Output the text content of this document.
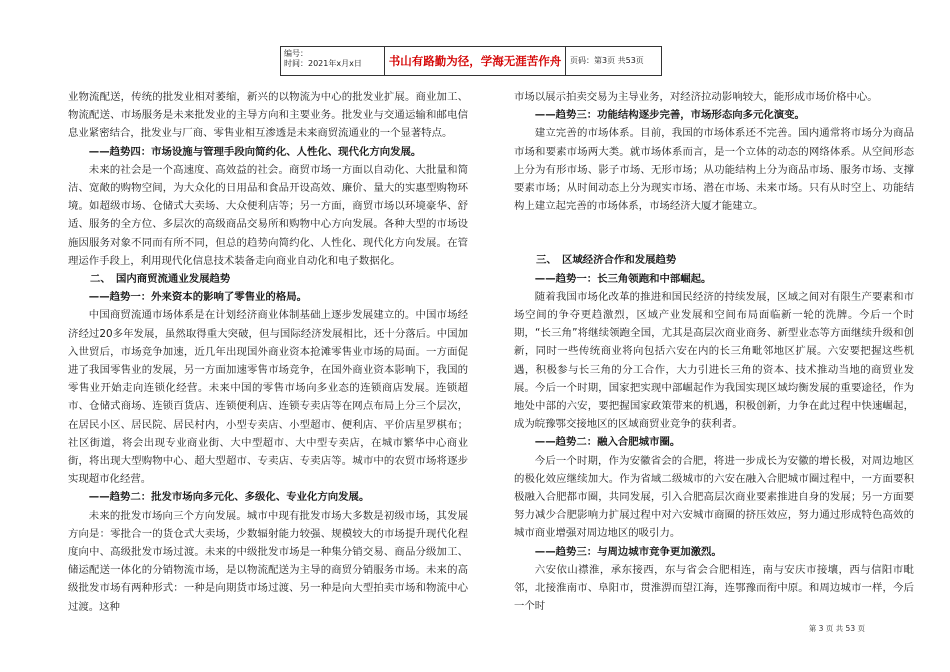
编号：
时间：2021年x月x日	书山有路勤为径，学海无涯苦作舟	页码：第3页 共53页

业物流配送，传统的批发业相对萎缩，新兴的以物流为中心的批发业扩展。商业加工、物流配送、市场服务是未来批发业的主导方向和主要业务。批发业与交通运输和邮电信息业紧密结合，批发业与厂商、零售业相互渗透是未来商贸流通业的一个显著特点。

——趋势四：市场设施与管理手段向简约化、人性化、现代化方向发展。

未来的社会是一个高速度、高效益的社会。商贸市场一方面以自动化、大批量和简洁、宽敞的购物空间，为大众化的日用品和食品开设高效、廉价、量大的实惠型购物环境。如超级市场、仓储式大卖场、大众便利店等；另一方面，商贸市场以环境豪华、舒适、服务的全方位、多层次的高级商品交易所和购物中心方向发展。各种大型的市场设施因服务对象不同而有所不同，但总的趋势向简约化、人性化、现代化方向发展。在管理运作手段上，利用现代化信息技术装备走向商业自动化和电子数据化。

二、　国内商贸流通业发展趋势

——趋势一：外来资本的影响了零售业的格局。

中国商贸流通市场体系是在计划经济商业体制基础上逐步发展建立的。中国市场经济经过20多年发展，虽然取得重大突破，但与国际经济发展相比，还十分落后。中国加入世贸后，市场竞争加速，近几年出现国外商业资本抢滩零售业市场的局面。一方面促进了我国零售业的发展，另一方面加速零售市场竞争，在国外商业资本影响下，我国的零售业开始走向连锁化经营。未来中国的零售市场向多业态的连锁商店发展。连锁超市、仓储式商场、连锁百货店、连锁便利店、连锁专卖店等在网点布局上分三个层次，在居民小区、居民院、居民村内，小型专卖店、小型超市、便利店、平价店星罗棋布；社区街道，将会出现专业商业街、大中型超市、大中型专卖店，在城市繁华中心商业街，将出现大型购物中心、超大型超市、专卖店、专卖店等。城市中的农贸市场将逐步实现超市化经营。

——趋势二：批发市场向多元化、多级化、专业化方向发展。

未来的批发市场向三个方向发展。城市中现有批发市场大多数是初级市场，其发展方向是：零批合一的货仓式大卖场，少数辐射能力较强、规模较大的市场提升现代化程度向中、高级批发市场过渡。未来的中级批发市场是一种集分销交易、商品分级加工、储运配送一体化的分销物流市场，是以物流配送为主导的商贸分销服务市场。未来的高级批发市场有两种形式：一种是向期货市场过渡、另一种是向大型拍卖市场和物流中心过渡。这种

市场以展示拍卖交易为主导业务，对经济拉动影响较大，能形成市场价格中心。

——趋势三：功能结构逐步完善，市场形态向多元化演变。

建立完善的市场体系。目前，我国的市场体系还不完善。国内通常将市场分为商品市场和要素市场两大类。就市场体系而言，是一个立体的动态的网络体系。从空间形态上分为有形市场、影子市场、无形市场；从功能结构上分为商品市场、服务市场、支撑要素市场；从时间动态上分为现实市场、潜在市场、未来市场。只有从时空上、功能结构上建立起完善的市场体系，市场经济大厦才能建立。

三、　区域经济合作和发展趋势

——趋势一：长三角领跑和中部崛起。

随着我国市场化改革的推进和国民经济的持续发展，区域之间对有限生产要素和市场空间的争夺更趋激烈，区域产业发展和空间布局面临新一轮的洗牌。今后一个时期，“长三角”将继续领跑全国，尤其是高层次商业商务、新型业态等方面继续升级和创新，同时一些传统商业将向包括六安在内的长三角毗邻地区扩展。六安要把握这些机遇，积极参与长三角的分工合作，大力引进长三角的资本、技术推动当地的商贸业发展。今后一个时期，国家把实现中部崛起作为我国实现区域均衡发展的重要途径，作为地处中部的六安，要把握国家政策带来的机遇，积极创新，力争在此过程中快速崛起，成为皖豫鄂交接地区的区域商贸业竞争的获利者。

——趋势二：融入合肥城市圈。

今后一个时期，作为安徽省会的合肥，将进一步成长为安徽的增长极，对周边地区的极化效应继续加大。作为省域二级城市的六安在融入合肥城市圈过程中，一方面要积极融入合肥都市圈，共同发展，引入合肥高层次商业要素推进自身的发展；另一方面要努力减少合肥影响力扩展过程中对六安城市商圈的挤压效应，努力通过形成特色高效的城市商业增强对周边地区的吸引力。

——趋势三：与周边城市竞争更加激烈。

六安依山襟淮，承东接西，东与省会合肥相连，南与安庆市接壤，西与信阳市毗邻，北接淮南市、阜阳市，贯淮淠而望江海，连鄂豫而衔中原。和周边城市一样，今后一个时

第 3 页 共 53 页
